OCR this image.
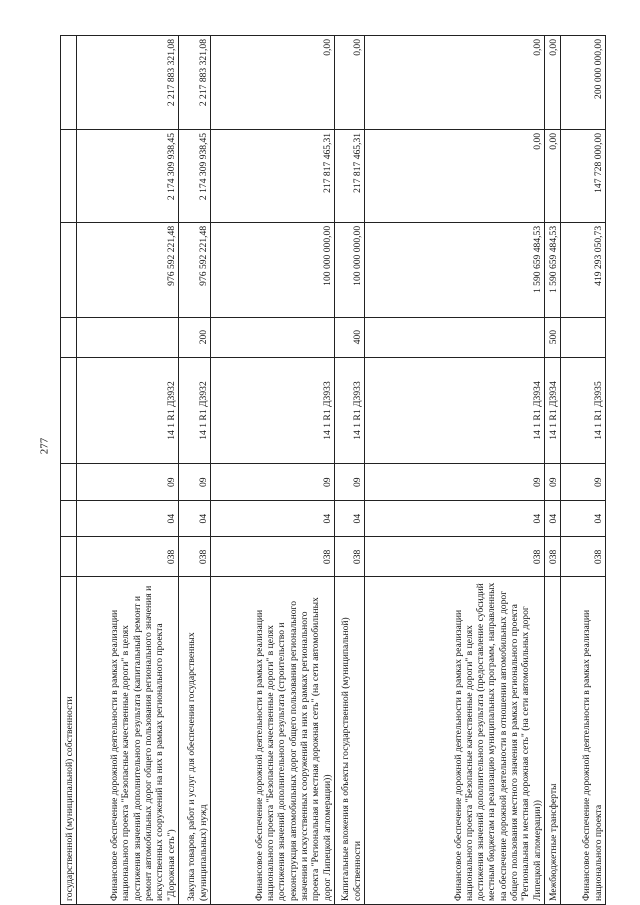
277
государственной (муниципальной) собственности								
Финансовое обеспечение дорожной деятельности в рамках реализации национального проекта "Безопасные качественные дороги" в целях достижения значений дополнительного результата (капитальный ремонт и ремонт автомобильных дорог общего пользования регионального значения и искусственных сооружений на них в рамках регионального проекта "Дорожная сеть")	038	04	09	14 1 R1 Д3932		976 592 221,48	2 174 309 938,45	2 217 883 321,08
Закупка товаров, работ и услуг для обеспечения государственных (муниципальных) нужд	038	04	09	14 1 R1 Д3932	200	976 592 221,48	2 174 309 938,45	2 217 883 321,08
Финансовое обеспечение дорожной деятельности в рамках реализации национального проекта "Безопасные качественные дороги" в целях достижения значений дополнительного результата (строительство и реконструкция автомобильных дорог общего пользования регионального значения и искусственных сооружений на них в рамках регионального проекта "Региональная и местная дорожная сеть" (на сети автомобильных дорог Липецкой агломерации))	038	04	09	14 1 R1 Д3933		100 000 000,00	217 817 465,31	0,00
Капитальные вложения в объекты государственной (муниципальной) собственности	038	04	09	14 1 R1 Д3933	400	100 000 000,00	217 817 465,31	0,00
Финансовое обеспечение дорожной деятельности в рамках реализации национального проекта "Безопасные качественные дороги" в целях достижения значений дополнительного результата (предоставление субсидий местным бюджетам на реализацию муниципальных программ, направленных на обеспечение дорожной деятельности в отношении автомобильных дорог общего пользования местного значения в рамках регионального проекта "Региональная и местная дорожная сеть" (на сети автомобильных дорог Липецкой агломерации))	038	04	09	14 1 R1 Д3934		1 590 659 484,53	0,00	0,00
Межбюджетные трансферты	038	04	09	14 1 R1 Д3934	500	1 590 659 484,53	0,00	0,00
Финансовое обеспечение дорожной деятельности в рамках реализации национального проекта	038	04	09	14 1 R1 Д3935		419 293 050,73	147 728 000,00	200 000 000,00
